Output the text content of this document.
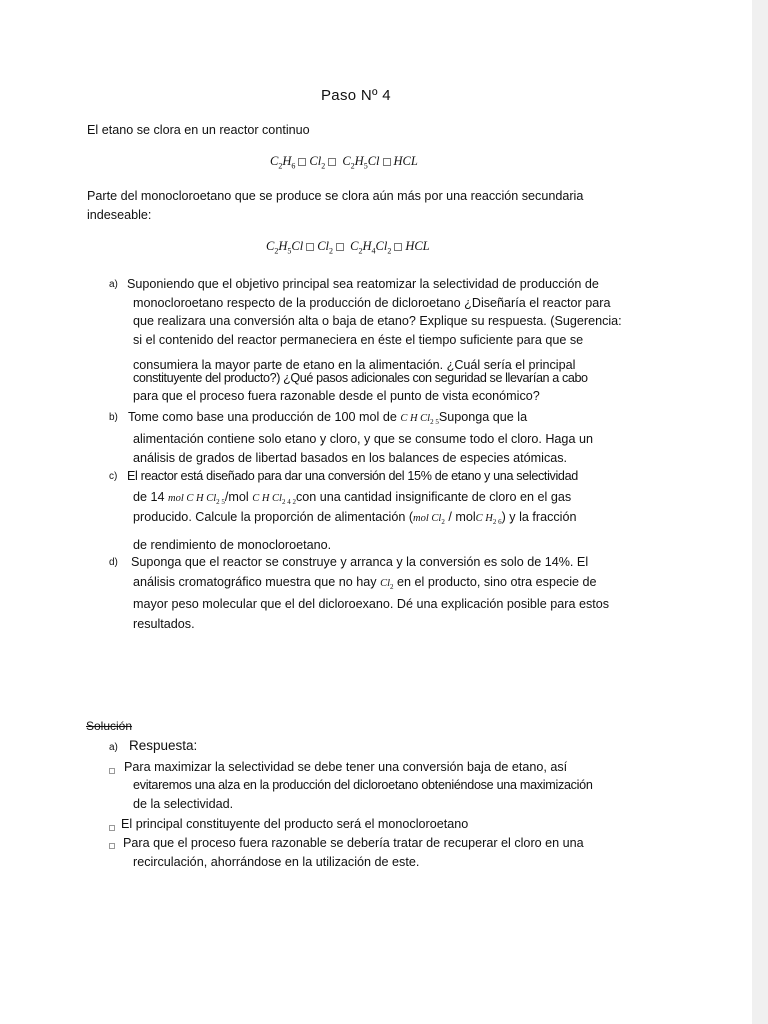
Paso Nº 4
El etano se clora en un reactor continuo
$C_2H_6$ $Cl_2$ $C_2H_5Cl$ HCL
Parte del monocloroetano que se produce se clora aún más por una reacción secundaria
indeseable:
$C_2H_5Cl$ $Cl_2$ $C_2H_4Cl_2$ HCL
a) Suponiendo que el objetivo principal sea reatomizar la selectividad de producción de
monocloroetano respecto de la producción de dicloroetano ¿Diseñaría el reactor para
que realizara una conversión alta o baja de etano? Explique su respuesta. (Sugerencia:
si el contenido del reactor permaneciera en éste el tiempo suficiente para que se
consumiera la mayor parte de etano en la alimentación. ¿Cuál sería el principal
constituyente del producto?) ¿Qué pasos adicionales con seguridad se llevarían a cabo
para que el proceso fuera razonable desde el punto de vista económico?
b) Tome como base una producción de 100 mol de C H $Cl_{2 5}Suponga$ que la
alimentación contiene solo etano y cloro, y que se consume todo el cloro. Haga un
análisis de grados de libertad basados en los balances de especies atómicas.
c) El reactor está diseñado para dar una conversión del 15% de etano y una selectividad
de 14 mol C H $Cl_{2 5}$/mol C H $Cl_{2 4 2}con$ una cantidad insignificante de cloro en el gas
producido. Calcule la proporción de alimentación (mol $Cl_2$ / molC $H_{2 6}$) y la fracción
de rendimiento de monocloroetano.
d) Suponga que el reactor se construye y arranca y la conversión es solo de 14%. El
análisis cromatográfico muestra que no hay $Cl_2$ en el producto, sino otra especie de
mayor peso molecular que el del dicloroexano. Dé una explicación posible para estos
resultados.
Solución
a) Respuesta:
Para maximizar la selectividad se debe tener una conversión baja de etano, así
evitaremos una alza en la producción del dicloroetano obteniéndose una maximización
de la selectividad.
El principal constituyente del producto será el monocloroetano
Para que el proceso fuera razonable se debería tratar de recuperar el cloro en una
recirculación, ahorrándose en la utilización de este.
